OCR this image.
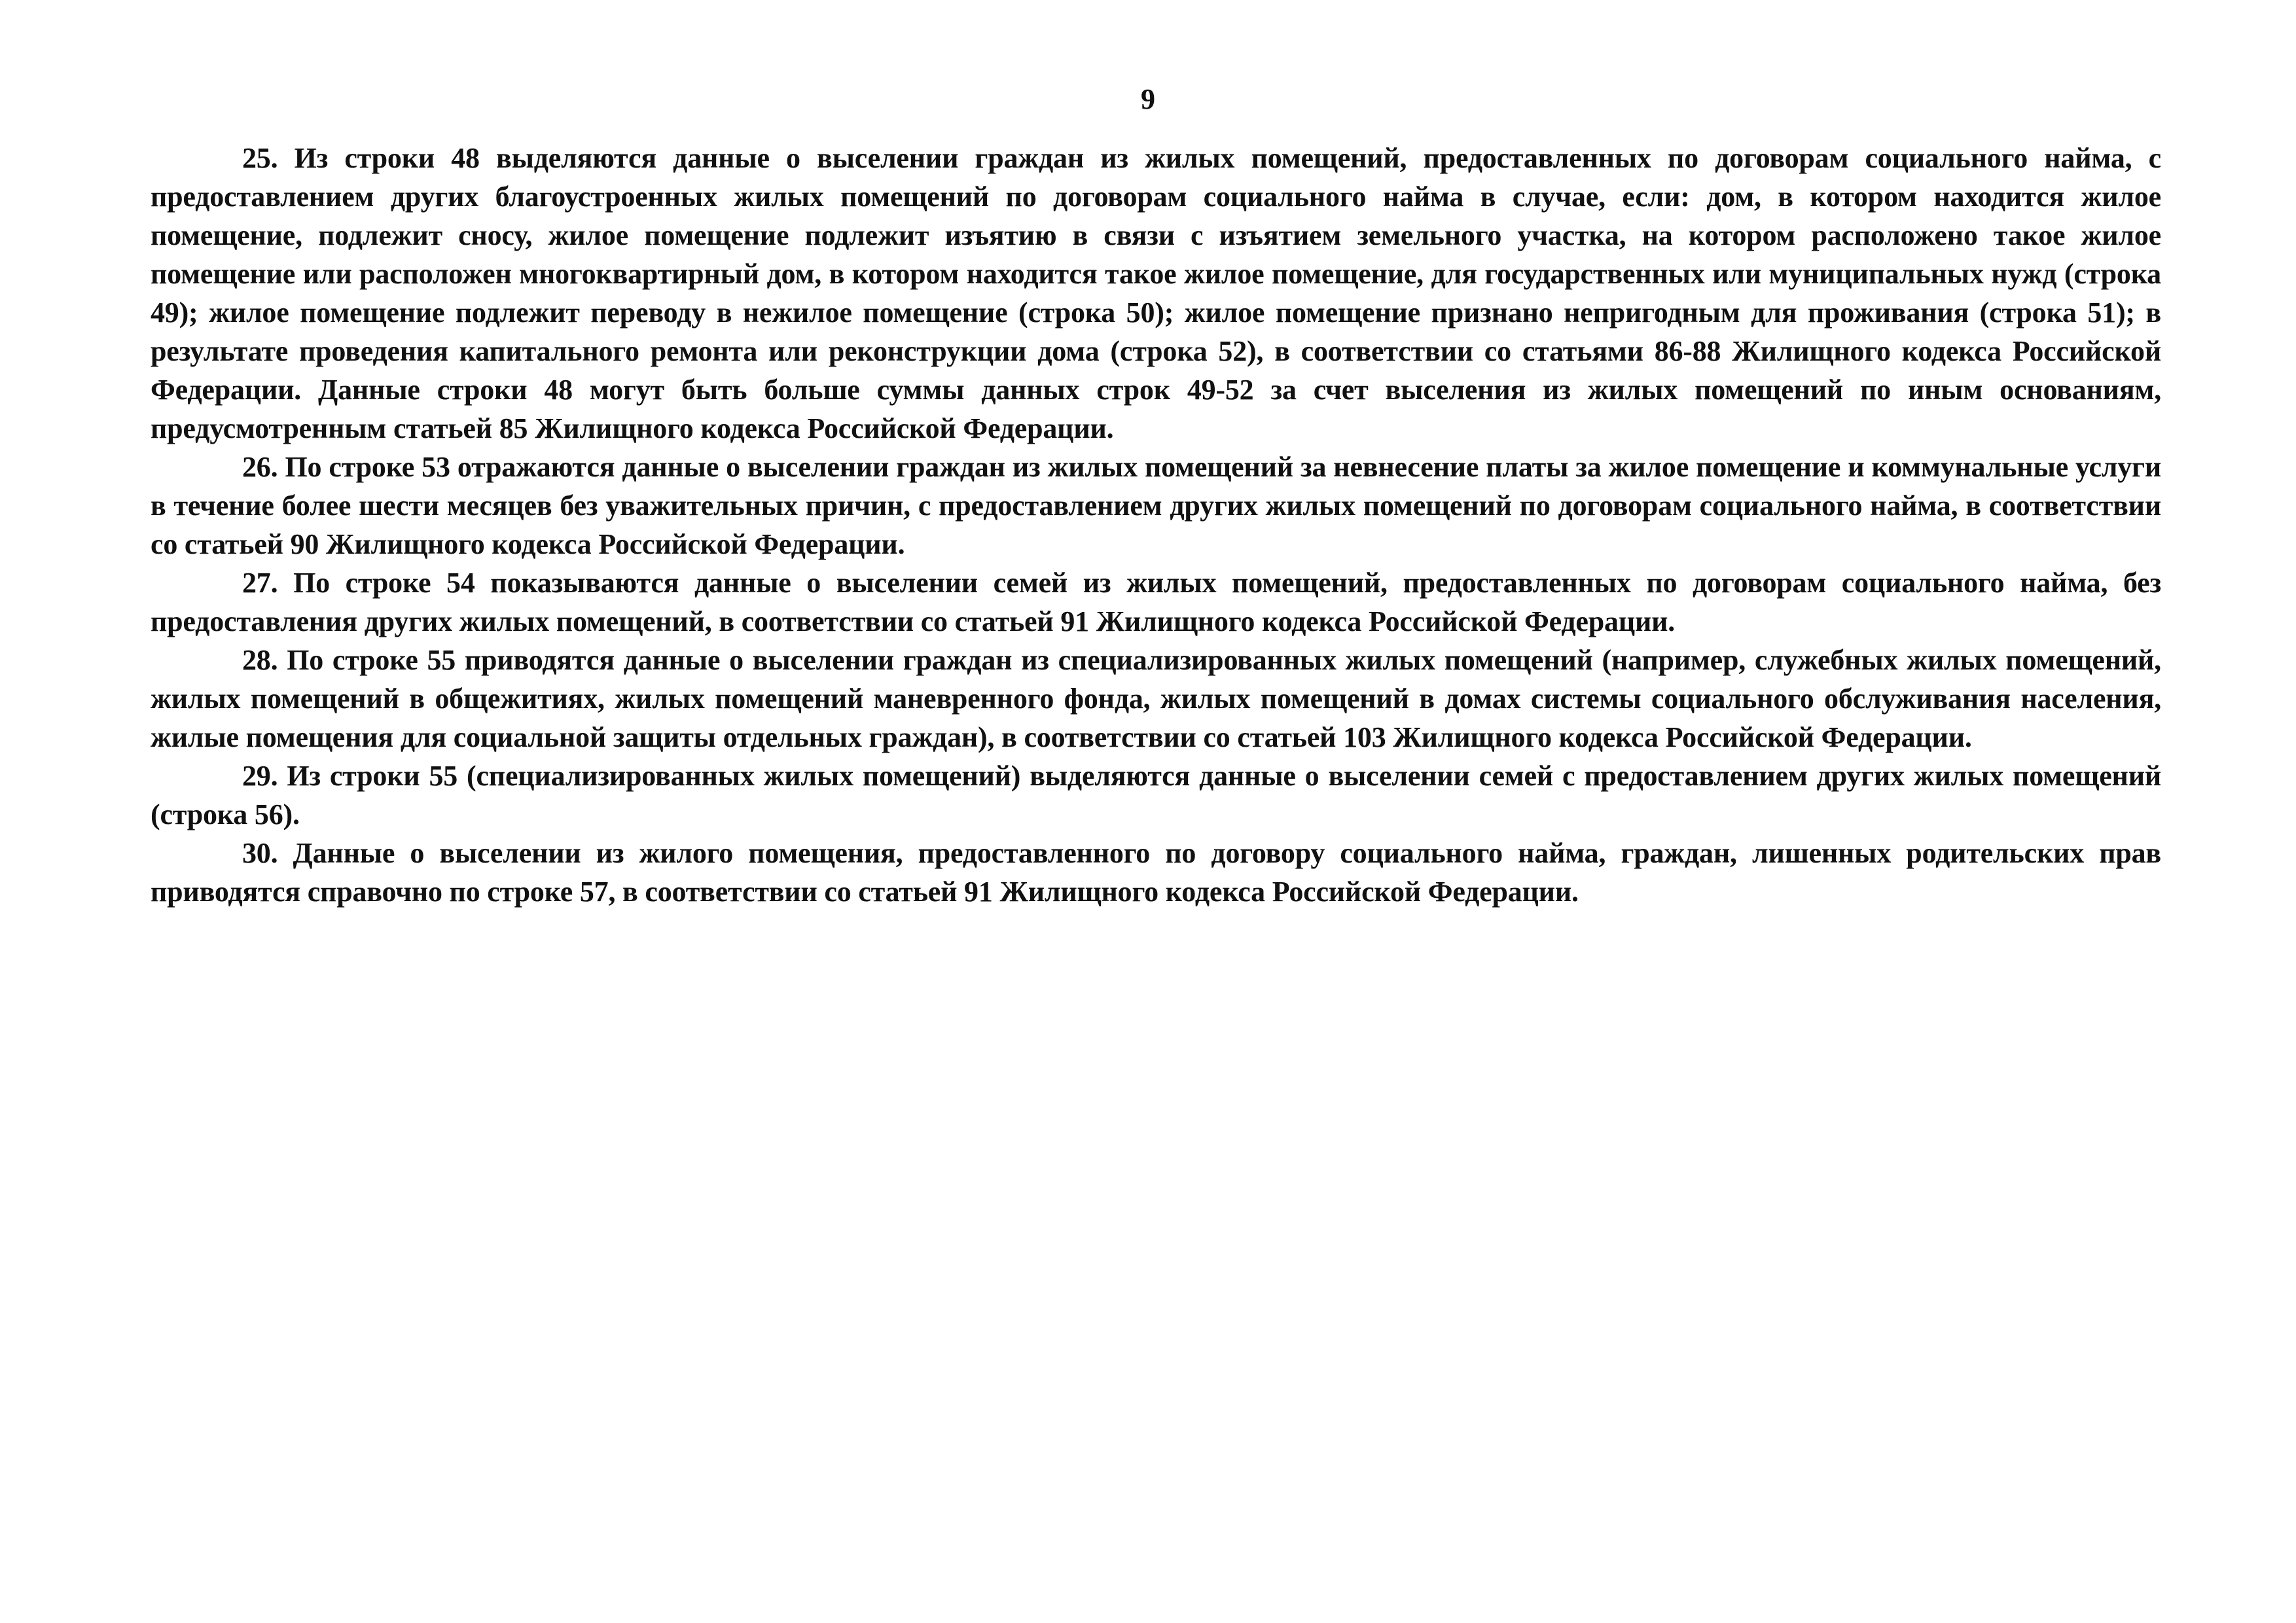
9

25. Из строки 48 выделяются данные о выселении граждан из жилых помещений, предоставленных по договорам социального найма, с предоставлением других благоустроенных жилых помещений по договорам социального найма в случае, если: дом, в котором находится жилое помещение, подлежит сносу, жилое помещение подлежит изъятию в связи с изъятием земельного участка, на котором расположено такое жилое помещение или расположен многоквартирный дом, в котором находится такое жилое помещение, для государственных или муниципальных нужд (строка 49); жилое помещение подлежит переводу в нежилое помещение (строка 50); жилое помещение признано непригодным для проживания (строка 51); в результате проведения капитального ремонта или реконструкции дома (строка 52), в соответствии со статьями 86-88 Жилищного кодекса Российской Федерации. Данные строки 48 могут быть больше суммы данных строк 49-52 за счет выселения из жилых помещений по иным основаниям, предусмотренным статьей 85 Жилищного кодекса Российской Федерации.

26. По строке 53 отражаются данные о выселении граждан из жилых помещений за невнесение платы за жилое помещение и коммунальные услуги в течение более шести месяцев без уважительных причин, с предоставлением других жилых помещений по договорам социального найма, в соответствии со статьей 90 Жилищного кодекса Российской Федерации.

27. По строке 54 показываются данные о выселении семей из жилых помещений, предоставленных по договорам социального найма, без предоставления других жилых помещений, в соответствии со статьей 91 Жилищного кодекса Российской Федерации.

28. По строке 55 приводятся данные о выселении граждан из специализированных жилых помещений (например, служебных жилых помещений, жилых помещений в общежитиях, жилых помещений маневренного фонда, жилых помещений в домах системы социального обслуживания населения, жилые помещения для социальной защиты отдельных граждан), в соответствии со статьей 103 Жилищного кодекса Российской Федерации.

29. Из строки 55 (специализированных жилых помещений) выделяются данные о выселении семей с предоставлением других жилых помещений (строка 56).

30. Данные о выселении из жилого помещения, предоставленного по договору социального найма, граждан, лишенных родительских прав приводятся справочно по строке 57, в соответствии со статьей 91 Жилищного кодекса Российской Федерации.
